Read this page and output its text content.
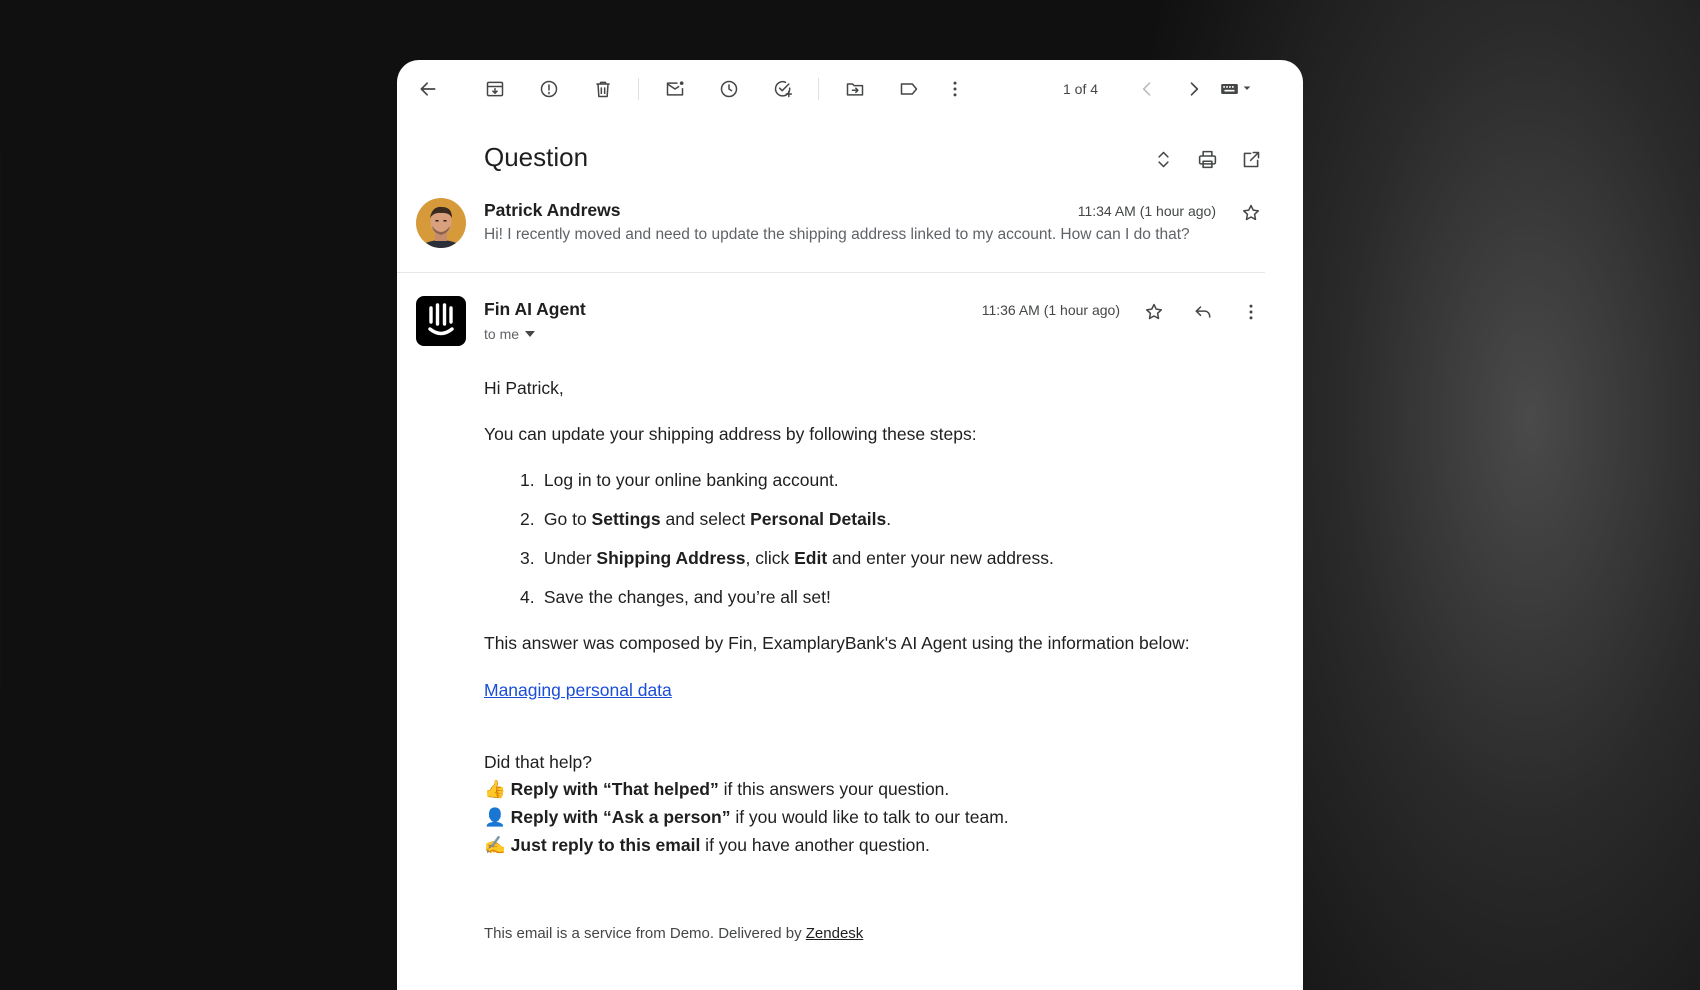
1 of 4
Question
Patrick Andrews	11:34 AM (1 hour ago)
Hi! I recently moved and need to update the shipping address linked to my account. How can I do that?
Fin AI Agent
to me
11:36 AM (1 hour ago)
Hi Patrick,
You can update your shipping address by following these steps:
1. Log in to your online banking account.
2. Go to Settings and select Personal Details.
3. Under Shipping Address, click Edit and enter your new address.
4. Save the changes, and you’re all set!
This answer was composed by Fin, ExamplaryBank's AI Agent using the information below:
Managing personal data
Did that help?
👍 Reply with “That helped” if this answers your question.
👤 Reply with “Ask a person” if you would like to talk to our team.
✍️ Just reply to this email if you have another question.
This email is a service from Demo. Delivered by Zendesk
